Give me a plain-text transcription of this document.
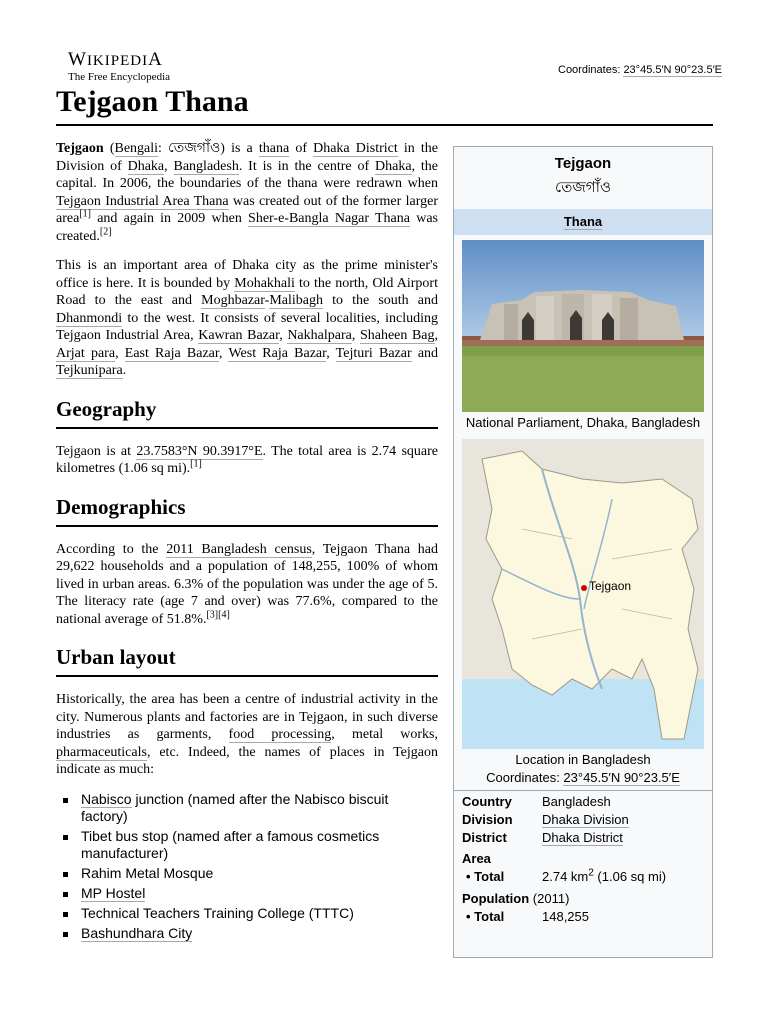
WIKIPEDIA
The Free Encyclopedia
Coordinates: 23°45.5′N 90°23.5′E
Tejgaon Thana

Tejgaon (Bengali: তেজগাঁও) is a thana of Dhaka District in the Division of Dhaka, Bangladesh. It is in the centre of Dhaka, the capital. In 2006, the boundaries of the thana were redrawn when Tejgaon Industrial Area Thana was created out of the former larger area[1] and again in 2009 when Sher-e-Bangla Nagar Thana was created.[2]

This is an important area of Dhaka city as the prime minister's office is here. It is bounded by Mohakhali to the north, Old Airport Road to the east and Moghbazar-Malibagh to the south and Dhanmondi to the west. It consists of several localities, including Tejgaon Industrial Area, Kawran Bazar, Nakhalpara, Shaheen Bag, Arjat para, East Raja Bazar, West Raja Bazar, Tejturi Bazar and Tejkunipara.

Geography

Tejgaon is at 23.7583°N 90.3917°E. The total area is 2.74 square kilometres (1.06 sq mi).[1]

Demographics

According to the 2011 Bangladesh census, Tejgaon Thana had 29,622 households and a population of 148,255, 100% of whom lived in urban areas. 6.3% of the population was under the age of 5. The literacy rate (age 7 and over) was 77.6%, compared to the national average of 51.8%.[3][4]

Urban layout

Historically, the area has been a centre of industrial activity in the city. Numerous plants and factories are in Tejgaon, in such diverse industries as garments, food processing, metal works, pharmaceuticals, etc. Indeed, the names of places in Tejgaon indicate as much:

Nabisco junction (named after the Nabisco biscuit factory)
Tibet bus stop (named after a famous cosmetics manufacturer)
Rahim Metal Mosque
MP Hostel
Technical Teachers Training College (TTTC)
Bashundhara City
Tejgaon
তেজগাঁও
Thana
National Parliament, Dhaka, Bangladesh
Tejgaon
Location in Bangladesh
Coordinates: 23°45.5′N 90°23.5′E
Country	Bangladesh
Division	Dhaka Division
District	Dhaka District
Area
• Total	2.74 $km^2$ (1.06 sq mi)
Population (2011)
• Total	148,255
